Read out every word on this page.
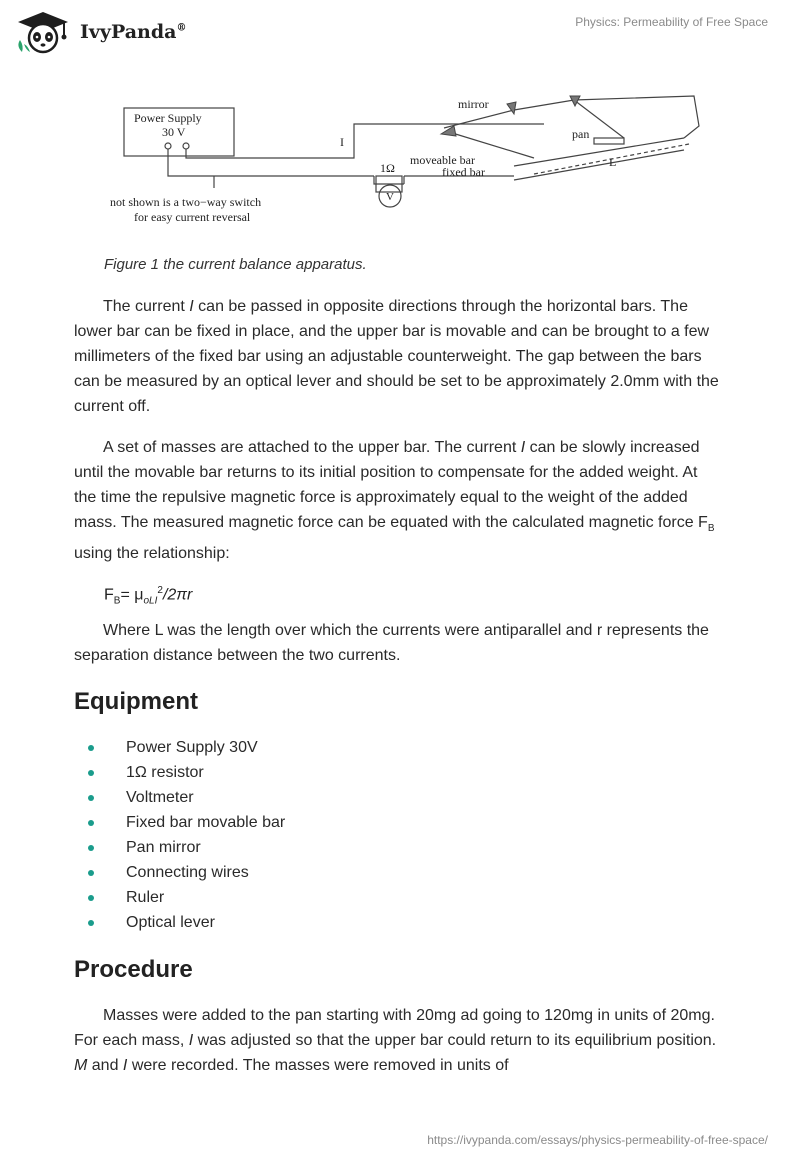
IvyPanda®	Physics: Permeability of Free Space
Power Supply
30 V
I
1Ω
V
mirror
pan
moveable bar
fixed bar
L
not shown is a two−way switch
for easy current reversal
Figure 1 the current balance apparatus.

The current I can be passed in opposite directions through the horizontal bars. The lower bar can be fixed in place, and the upper bar is movable and can be brought to a few millimeters of the fixed bar using an adjustable counterweight. The gap between the bars can be measured by an optical lever and should be set to be approximately 2.0mm with the current off.

A set of masses are attached to the upper bar. The current I can be slowly increased until the movable bar returns to its initial position to compensate for the added weight. At the time the repulsive magnetic force is approximately equal to the weight of the added mass. The measured magnetic force can be equated with the calculated magnetic force $F_B$ using the relationship:

$F_B= \mu_{oLI}^2/2\pi r$

Where L was the length over which the currents were antiparallel and r represents the separation distance between the two currents.

Equipment
Power Supply 30V
1Ω resistor
Voltmeter
Fixed bar movable bar
Pan mirror
Connecting wires
Ruler
Optical lever
Procedure

Masses were added to the pan starting with 20mg ad going to 120mg in units of 20mg. For each mass, I was adjusted so that the upper bar could return to its equilibrium position. M and I were recorded. The masses were removed in units of

https://ivypanda.com/essays/physics-permeability-of-free-space/
